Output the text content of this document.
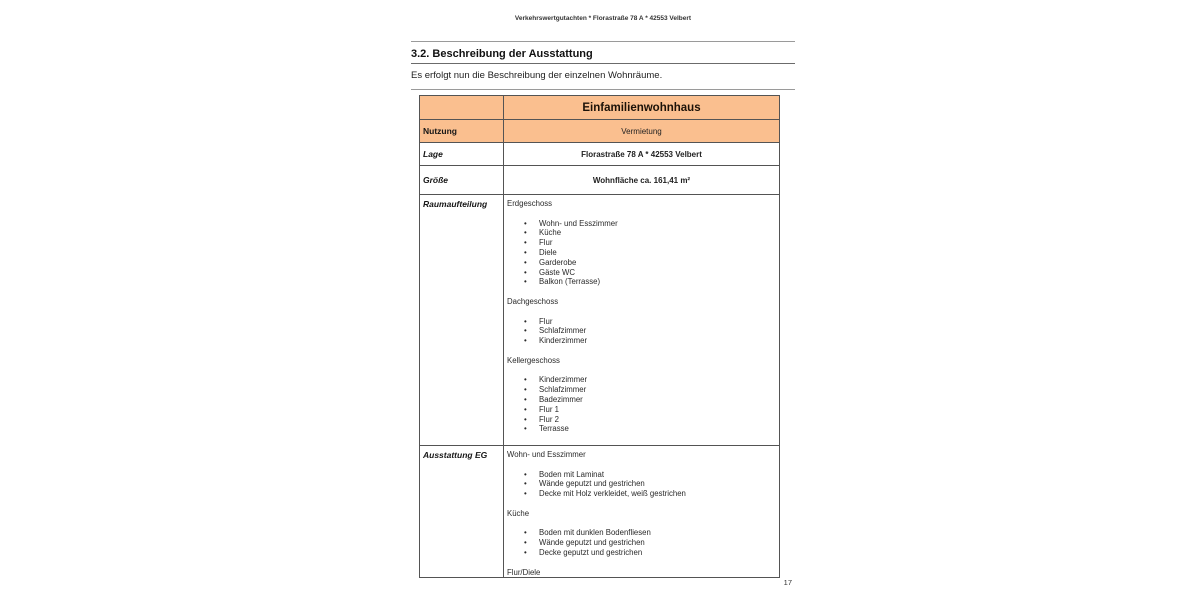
Verkehrswertgutachten * Florastraße 78 A * 42553 Velbert
3.2. Beschreibung der Ausstattung
Es erfolgt nun die Beschreibung der einzelnen Wohnräume.
	Einfamilienwohnhaus
Nutzung	Vermietung
Lage	Florastraße 78 A * 42553 Velbert
Größe	Wohnfläche ca. 161,41 m²
Raumaufteilung	Erdgeschoss
• Wohn- und Esszimmer
• Küche
• Flur
• Diele
• Garderobe
• Gäste WC
• Balkon (Terrasse)
Dachgeschoss
• Flur
• Schlafzimmer
• Kinderzimmer
Kellergeschoss
• Kinderzimmer
• Schlafzimmer
• Badezimmer
• Flur 1
• Flur 2
• Terrasse

Ausstattung EG	Wohn- und Esszimmer
• Boden mit Laminat
• Wände geputzt und gestrichen
• Decke mit Holz verkleidet, weiß gestrichen
Küche
• Boden mit dunklen Bodenfliesen
• Wände geputzt und gestrichen
• Decke geputzt und gestrichen
Flur/Diele
17
